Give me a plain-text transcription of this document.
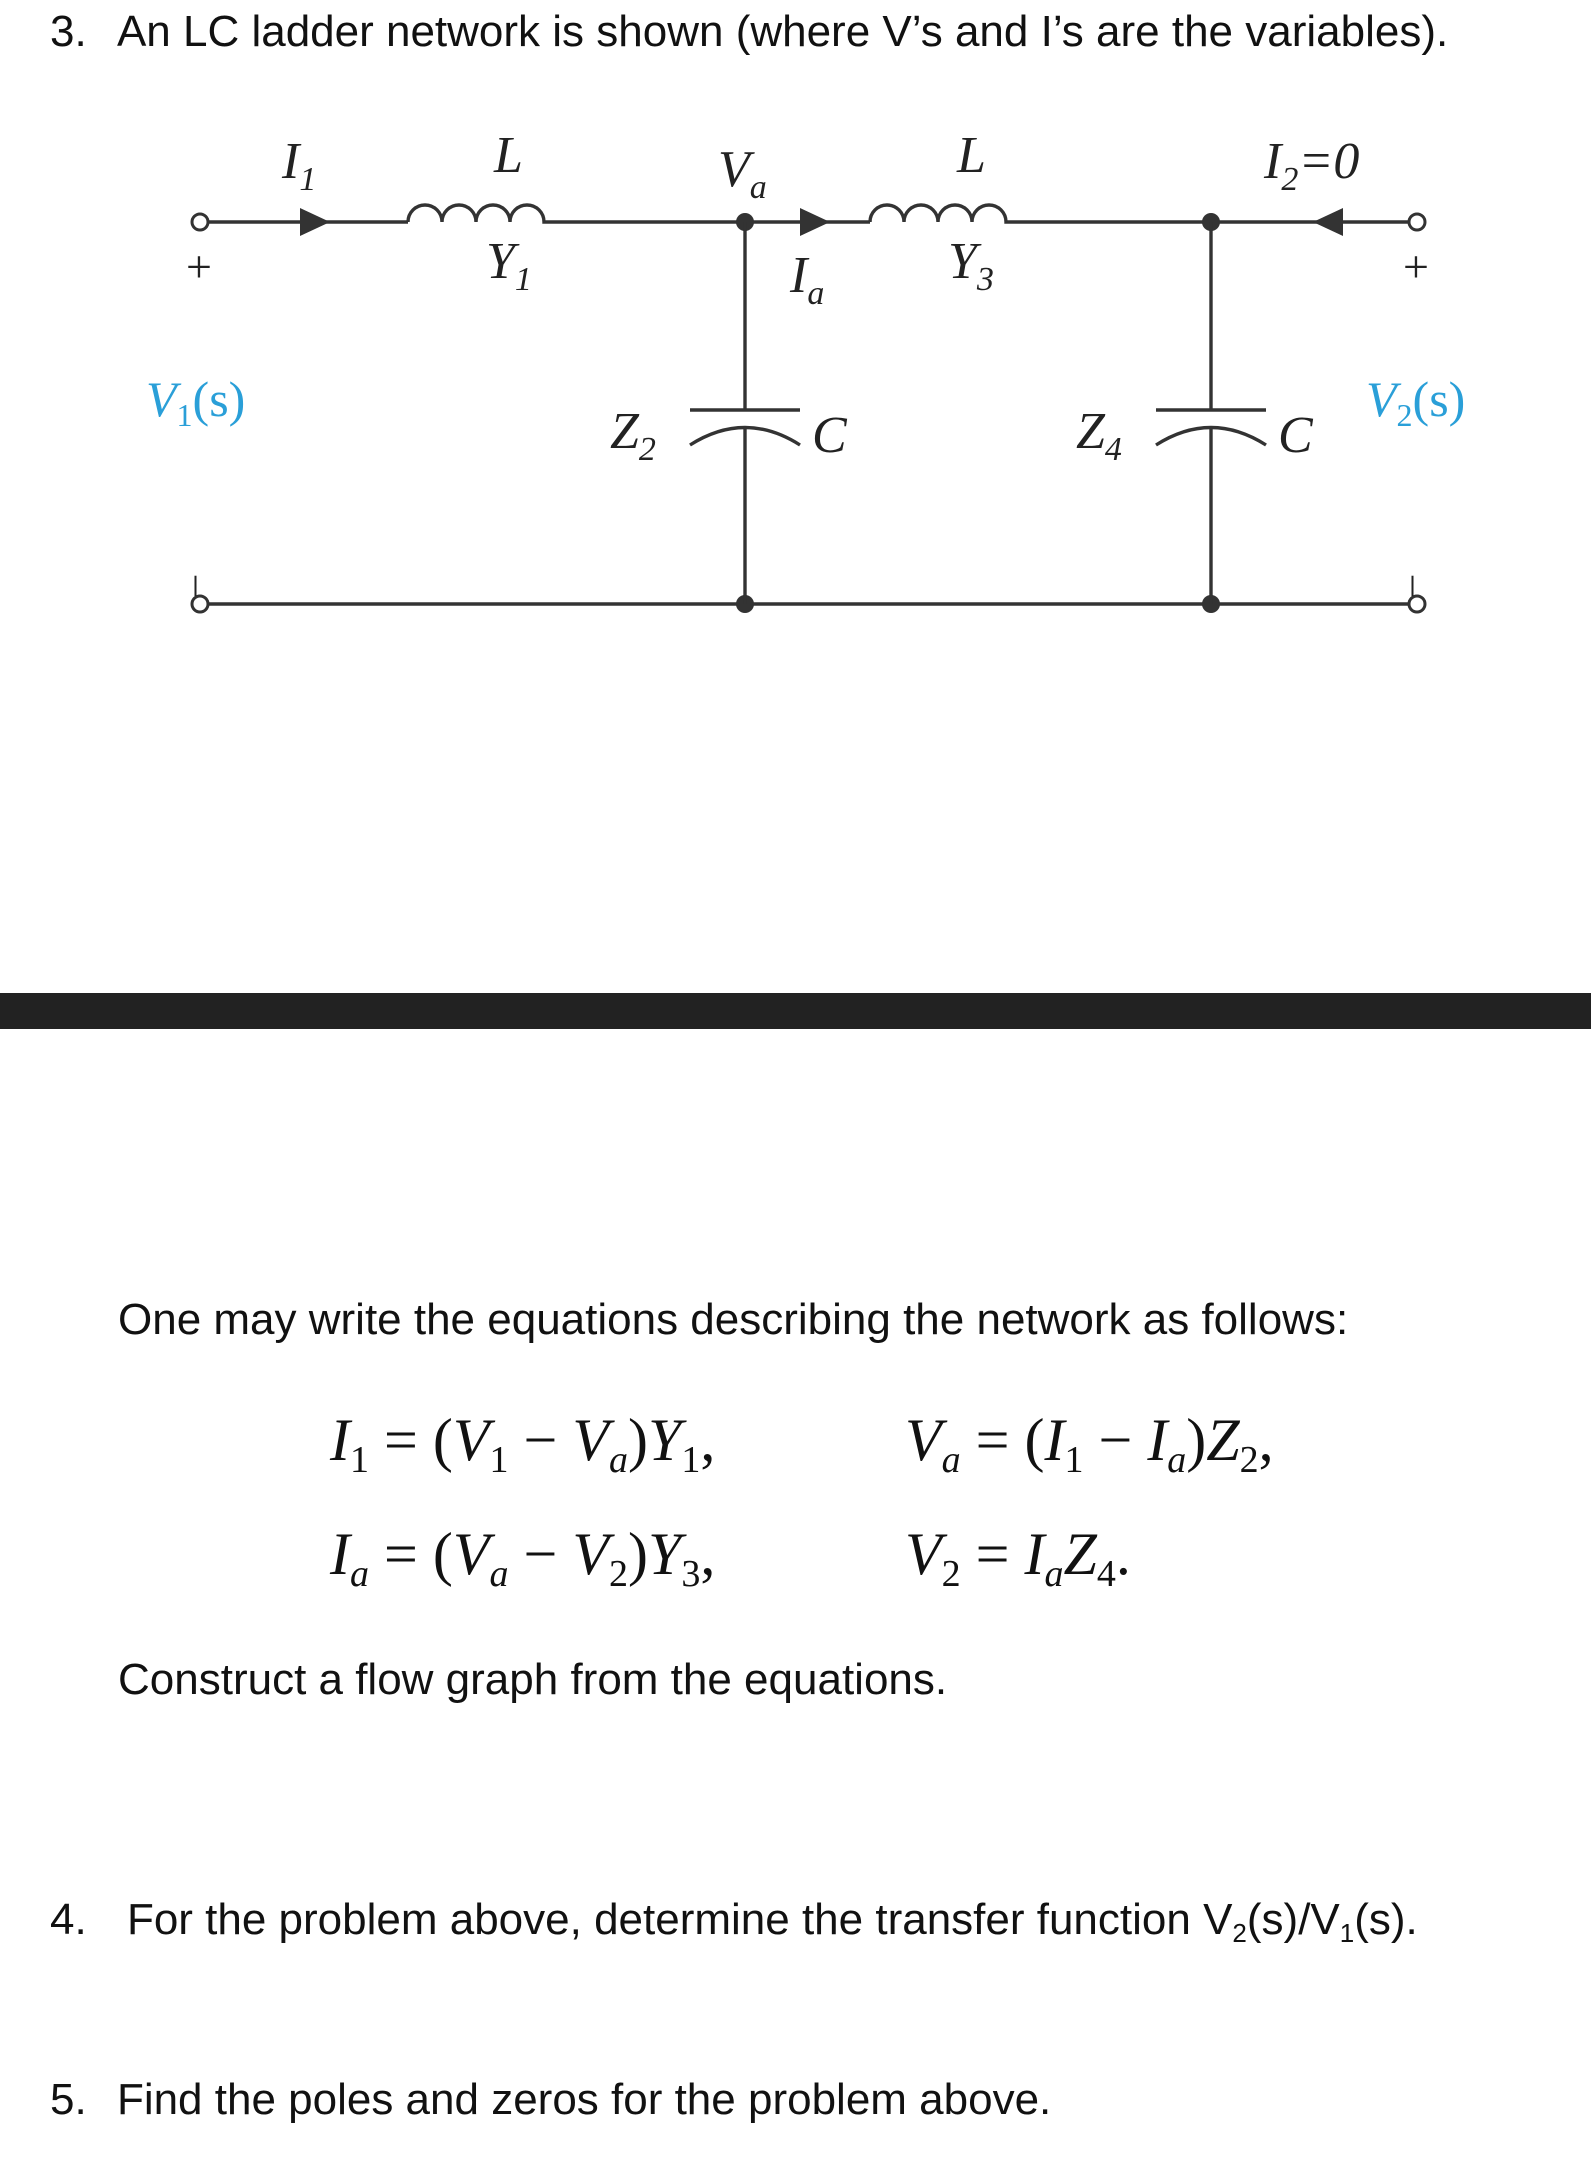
3. An LC ladder network is shown (where V’s and I’s are the variables).
$I_1$	L
$Y_1$
$V_a$
$I_a$
L
$Y_3$
$I_2=0$
$Z_2$	C	$Z_4$	C
+	+
–	–
$V_1(s)$	$V_2(s)$
One may write the equations describing the network as follows:
$I_1 = (V_1 - V_a)Y_1$,	$V_a = (I_1 - I_a)Z_2$,
$I_a = (V_a - V_2)Y_3$,	$V_2 = I_aZ_4$.
Construct a flow graph from the equations.
4. For the problem above, determine the transfer function $V_2(s)/V_1(s)$.
5. Find the poles and zeros for the problem above.
